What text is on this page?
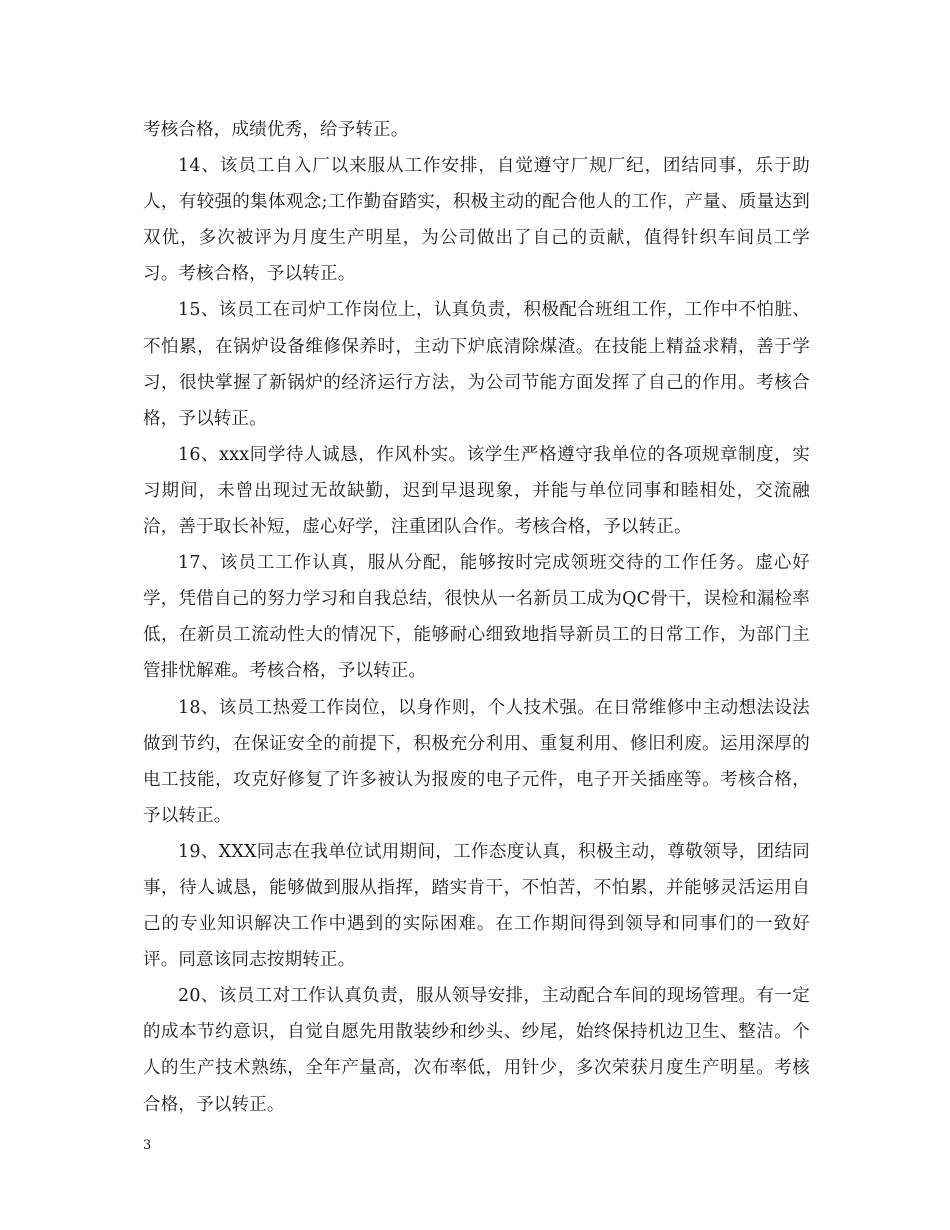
考核合格，成绩优秀，给予转正。

14、该员工自入厂以来服从工作安排，自觉遵守厂规厂纪，团结同事，乐于助人，有较强的集体观念;工作勤奋踏实，积极主动的配合他人的工作，产量、质量达到双优，多次被评为月度生产明星，为公司做出了自己的贡献，值得针织车间员工学习。考核合格，予以转正。

15、该员工在司炉工作岗位上，认真负责，积极配合班组工作，工作中不怕脏、不怕累，在锅炉设备维修保养时，主动下炉底清除煤渣。在技能上精益求精，善于学习，很快掌握了新锅炉的经济运行方法，为公司节能方面发挥了自己的作用。考核合格，予以转正。

16、xxx同学待人诚恳，作风朴实。该学生严格遵守我单位的各项规章制度，实习期间，未曾出现过无故缺勤，迟到早退现象，并能与单位同事和睦相处，交流融洽，善于取长补短，虚心好学，注重团队合作。考核合格，予以转正。

17、该员工工作认真，服从分配，能够按时完成领班交待的工作任务。虚心好学，凭借自己的努力学习和自我总结，很快从一名新员工成为QC骨干，误检和漏检率低，在新员工流动性大的情况下，能够耐心细致地指导新员工的日常工作，为部门主管排忧解难。考核合格，予以转正。

18、该员工热爱工作岗位，以身作则，个人技术强。在日常维修中主动想法设法做到节约，在保证安全的前提下，积极充分利用、重复利用、修旧利废。运用深厚的电工技能，攻克好修复了许多被认为报废的电子元件，电子开关插座等。考核合格，予以转正。

19、XXX同志在我单位试用期间，工作态度认真，积极主动，尊敬领导，团结同事，待人诚恳，能够做到服从指挥，踏实肯干，不怕苦，不怕累，并能够灵活运用自己的专业知识解决工作中遇到的实际困难。在工作期间得到领导和同事们的一致好评。同意该同志按期转正。

20、该员工对工作认真负责，服从领导安排，主动配合车间的现场管理。有一定的成本节约意识，自觉自愿先用散装纱和纱头、纱尾，始终保持机边卫生、整洁。个人的生产技术熟练，全年产量高，次布率低，用针少，多次荣获月度生产明星。考核合格，予以转正。

3
